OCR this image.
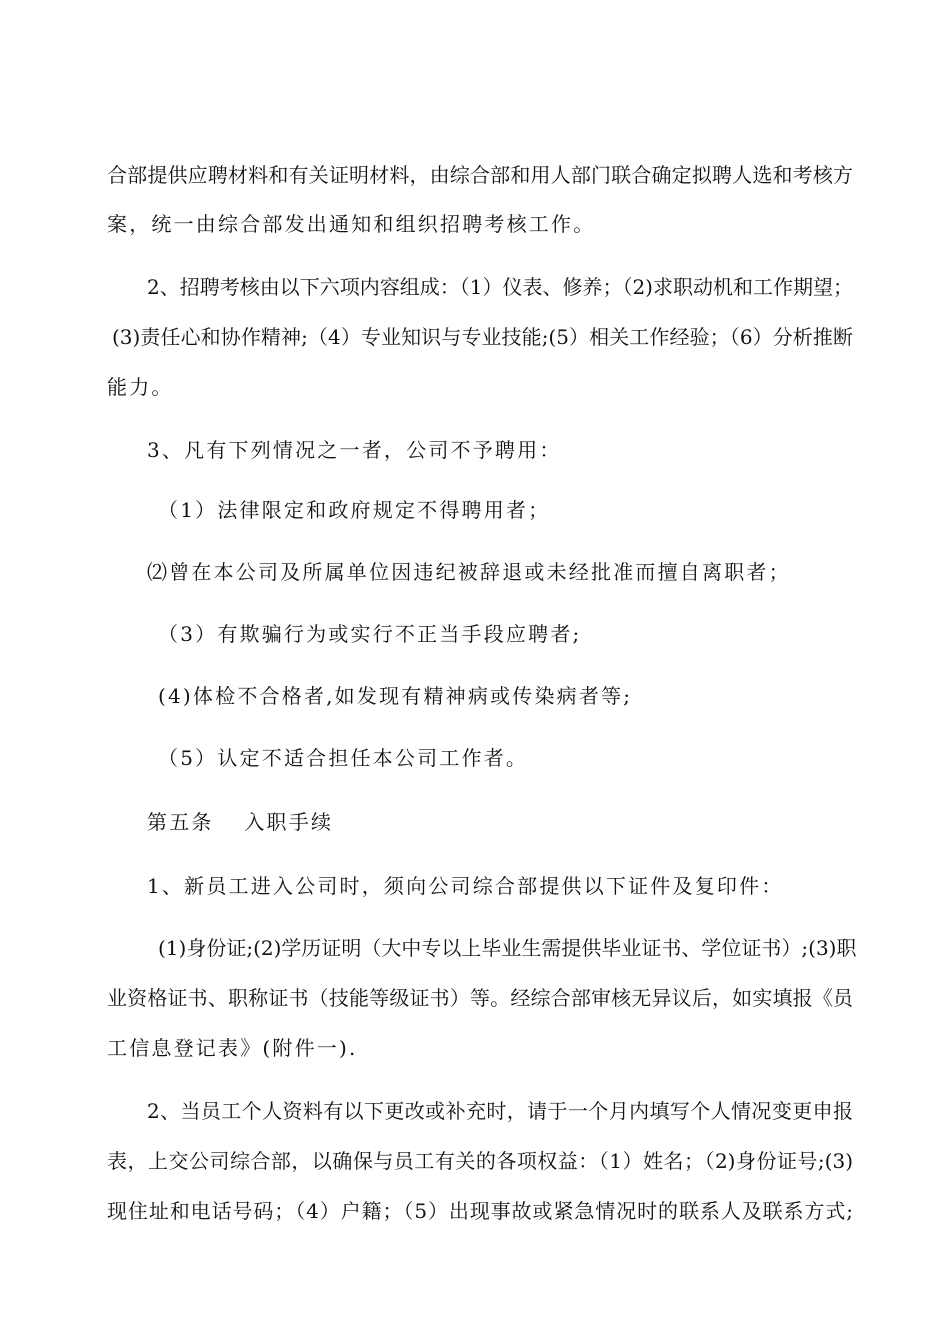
合部提供应聘材料和有关证明材料，由综合部和用人部门联合确定拟聘人选和考核方
案，统一由综合部发出通知和组织招聘考核工作。
2、招聘考核由以下六项内容组成：（1）仪表、修养；（2)求职动机和工作期望；
(3)责任心和协作精神;（4）专业知识与专业技能;(5）相关工作经验；（6）分析推断
能力。
3、凡有下列情况之一者，公司不予聘用：
（1）法律限定和政府规定不得聘用者；
⑵曾在本公司及所属单位因违纪被辞退或未经批准而擅自离职者；
（3）有欺骗行为或实行不正当手段应聘者;
(4)体检不合格者,如发现有精神病或传染病者等;
（5）认定不适合担任本公司工作者。
第五条　 入职手续
1、新员工进入公司时，须向公司综合部提供以下证件及复印件：
(1)身份证;(2)学历证明（大中专以上毕业生需提供毕业证书、学位证书）;(3)职
业资格证书、职称证书（技能等级证书）等。经综合部审核无异议后，如实填报《员
工信息登记表》(附件一).
2、当员工个人资料有以下更改或补充时，请于一个月内填写个人情况变更申报
表，上交公司综合部，以确保与员工有关的各项权益：（1）姓名；（2)身份证号;(3)
现住址和电话号码；（4）户籍；（5）出现事故或紧急情况时的联系人及联系方式;
